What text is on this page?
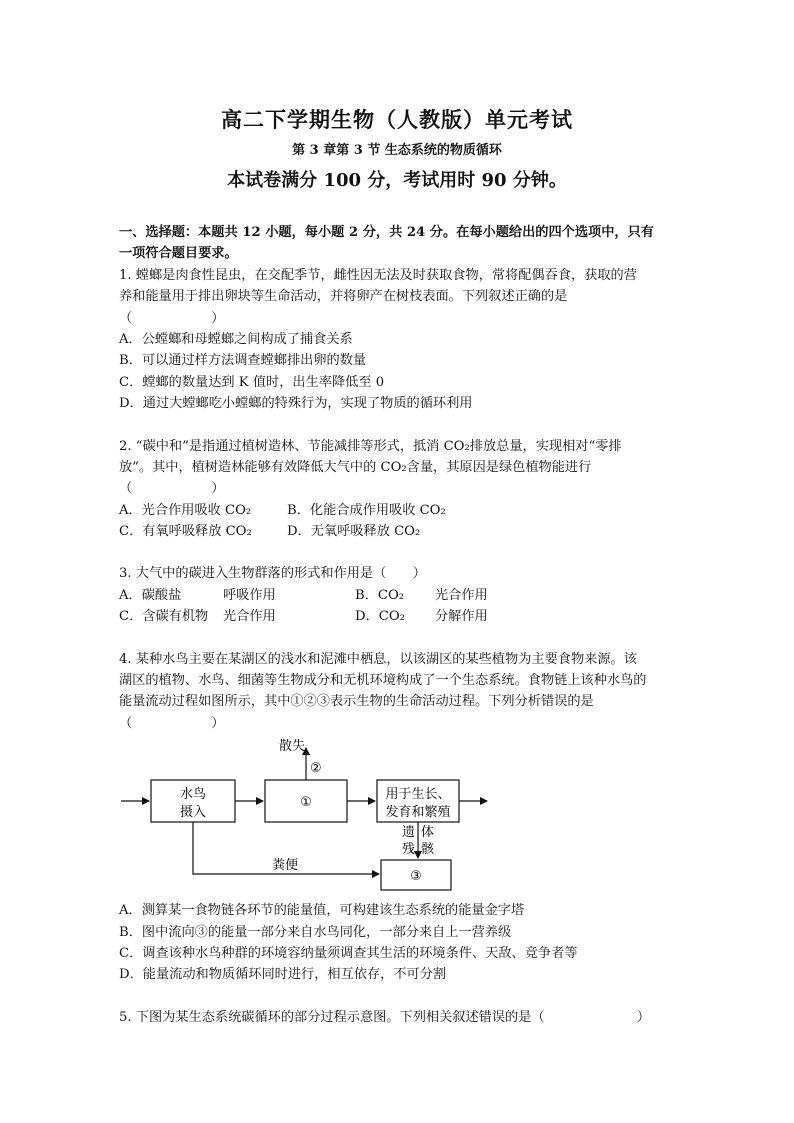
高二下学期生物（人教版）单元考试
第 3 章第 3 节 生态系统的物质循环
本试卷满分 100 分，考试用时 90 分钟。
一、选择题：本题共 12 小题，每小题 2 分，共 24 分。在每小题给出的四个选项中，只有
一项符合题目要求。
1. 螳螂是肉食性昆虫，在交配季节，雌性因无法及时获取食物，常将配偶吞食，获取的营
养和能量用于排出卵块等生命活动，并将卵产在树枝表面。下列叙述正确的是
（　　　　　　）
A．公螳螂和母螳螂之间构成了捕食关系
B．可以通过样方法调查螳螂排出卵的数量
C．螳螂的数量达到 K 值时，出生率降低至 0
D．通过大螳螂吃小螳螂的特殊行为，实现了物质的循环利用
2. “碳中和”是指通过植树造林、节能减排等形式，抵消 CO₂排放总量，实现相对“零排
放”。其中，植树造林能够有效降低大气中的 CO₂含量，其原因是绿色植物能进行
（　　　　　　）
A．光合作用吸收 CO₂	B．化能合成作用吸收 CO₂
C．有氧呼吸释放 CO₂	D．无氧呼吸释放 CO₂
3. 大气中的碳进入生物群落的形式和作用是（　　）
A．碳酸盐	呼吸作用	B．CO₂ 光合作用
C．含碳有机物 光合作用	D．CO₂ 分解作用
4. 某种水鸟主要在某湖区的浅水和泥滩中栖息，以该湖区的某些植物为主要食物来源。该
湖区的植物、水鸟、细菌等生物成分和无机环境构成了一个生态系统。食物链上该种水鸟的
能量流动过程如图所示，其中①②③表示生物的生命活动过程。下列分析错误的是
（　　　　　　）
水鸟
摄入
①
散失
②
用于生长、
发育和繁殖
遗 体
残 骸
③
粪便
A．测算某一食物链各环节的能量值，可构建该生态系统的能量金字塔
B．图中流向③的能量一部分来自水鸟同化，一部分来自上一营养级
C．调查该种水鸟种群的环境容纳量须调查其生活的环境条件、天敌、竞争者等
D．能量流动和物质循环同时进行，相互依存，不可分割
5. 下图为某生态系统碳循环的部分过程示意图。下列相关叙述错误的是（　　　　　　　）
